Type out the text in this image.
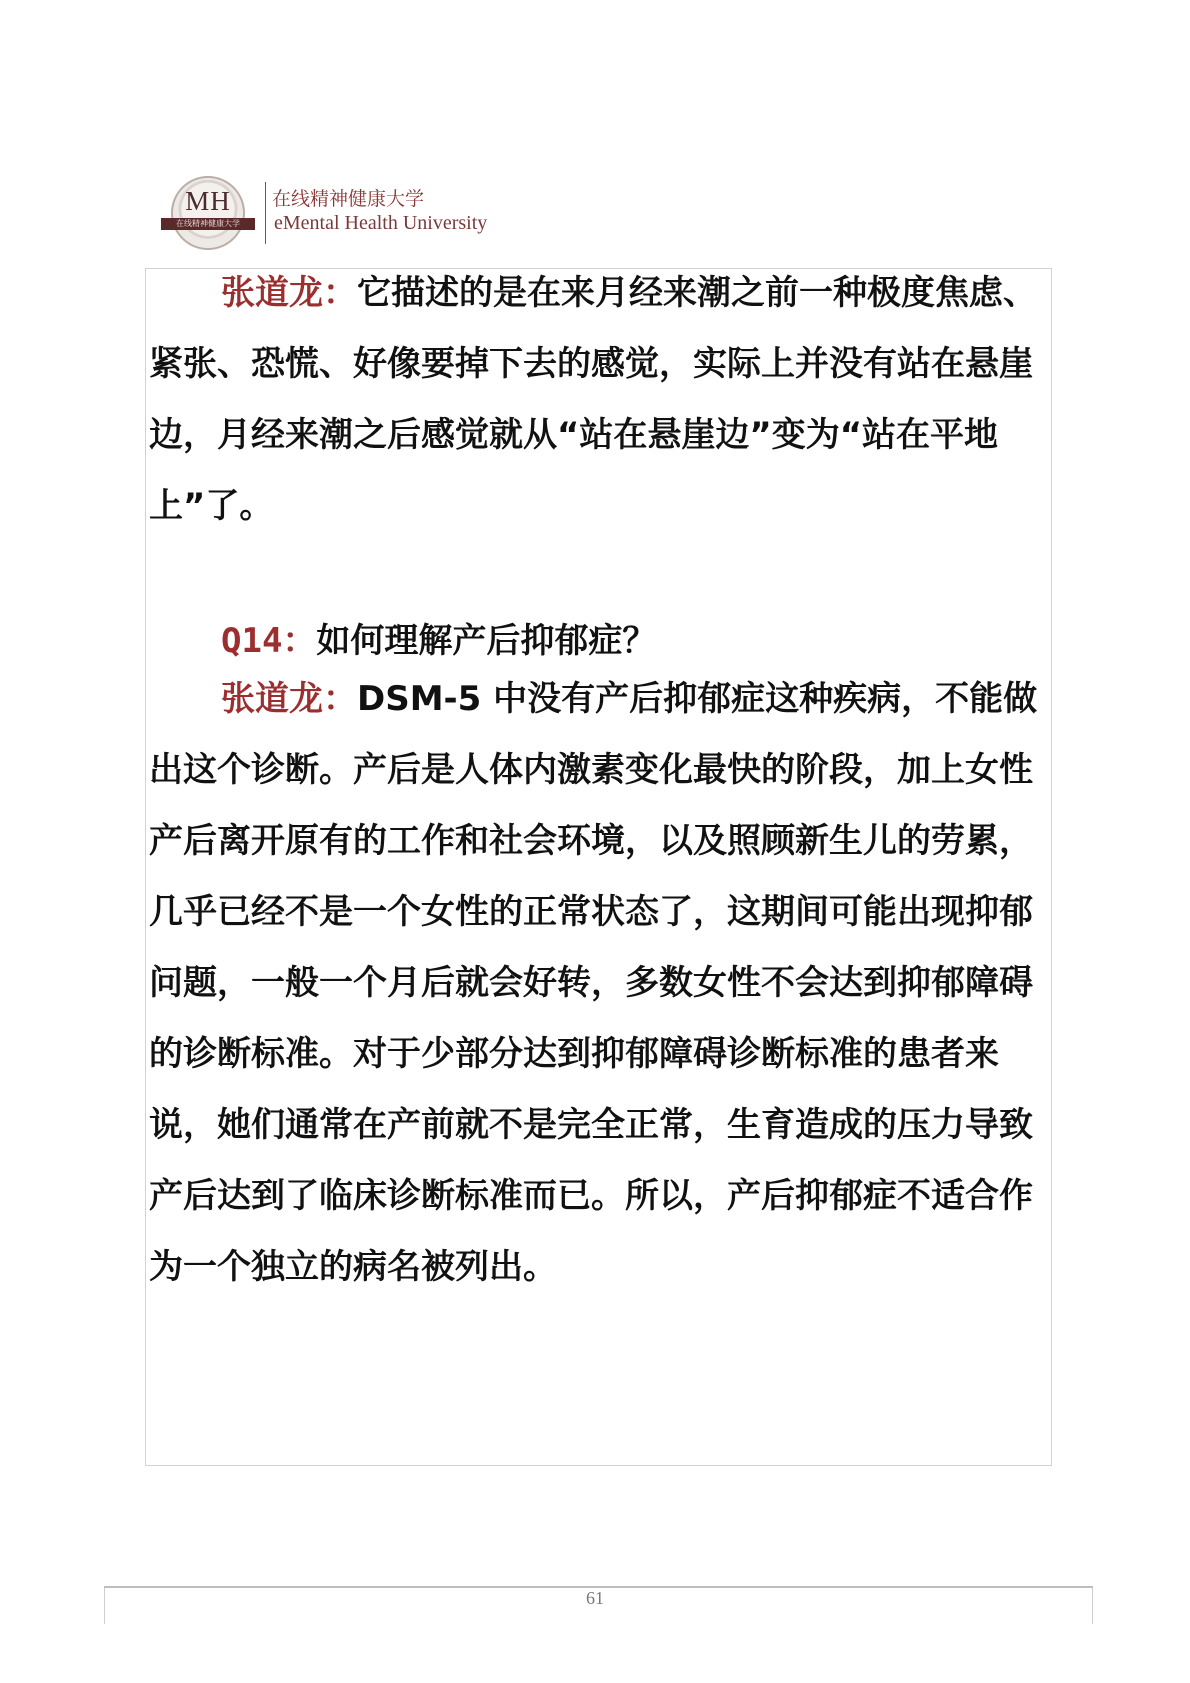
MH
在线精神健康大学
在线精神健康大学
eMental Health University

张道龙：它描述的是在来月经来潮之前一种极度焦虑、紧张、恐慌、好像要掉下去的感觉，实际上并没有站在悬崖边，月经来潮之后感觉就从“站在悬崖边”变为“站在平地上”了。

Q14：如何理解产后抑郁症？

张道龙：DSM-5 中没有产后抑郁症这种疾病，不能做出这个诊断。产后是人体内激素变化最快的阶段，加上女性产后离开原有的工作和社会环境，以及照顾新生儿的劳累，几乎已经不是一个女性的正常状态了，这期间可能出现抑郁问题，一般一个月后就会好转，多数女性不会达到抑郁障碍的诊断标准。对于少部分达到抑郁障碍诊断标准的患者来说，她们通常在产前就不是完全正常，生育造成的压力导致产后达到了临床诊断标准而已。所以，产后抑郁症不适合作为一个独立的病名被列出。

61
